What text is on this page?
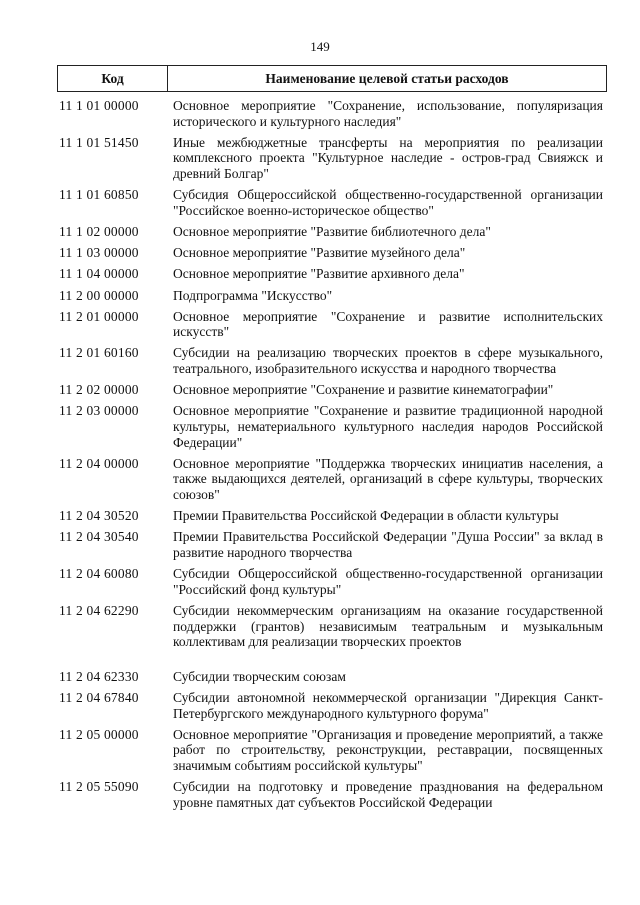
149
Код	Наименование целевой статьи расходов
11 1 01 00000	Основное мероприятие "Сохранение, использование, популяризация исторического и культурного наследия"
11 1 01 51450	Иные межбюджетные трансферты на мероприятия по реализации комплексного проекта "Культурное наследие - остров-град Свияжск и древний Болгар"
11 1 01 60850	Субсидия Общероссийской общественно-государственной организации "Российское военно-историческое общество"
11 1 02 00000	Основное мероприятие "Развитие библиотечного дела"
11 1 03 00000	Основное мероприятие "Развитие музейного дела"
11 1 04 00000	Основное мероприятие "Развитие архивного дела"
11 2 00 00000	Подпрограмма "Искусство"
11 2 01 00000	Основное мероприятие "Сохранение и развитие исполнительских искусств"
11 2 01 60160	Субсидии на реализацию творческих проектов в сфере музыкального, театрального, изобразительного искусства и народного творчества
11 2 02 00000	Основное мероприятие "Сохранение и развитие кинематографии"
11 2 03 00000	Основное мероприятие "Сохранение и развитие традиционной народной культуры, нематериального культурного наследия народов Российской Федерации"
11 2 04 00000	Основное мероприятие "Поддержка творческих инициатив населения, а также выдающихся деятелей, организаций в сфере культуры, творческих союзов"
11 2 04 30520	Премии Правительства Российской Федерации в области культуры
11 2 04 30540	Премии Правительства Российской Федерации "Душа России" за вклад в развитие народного творчества
11 2 04 60080	Субсидии Общероссийской общественно-государственной организации "Российский фонд культуры"
11 2 04 62290	Субсидии некоммерческим организациям на оказание государственной поддержки (грантов) независимым театральным и музыкальным коллективам для реализации творческих проектов
11 2 04 62330	Субсидии творческим союзам
11 2 04 67840	Субсидии автономной некоммерческой организации "Дирекция Санкт-Петербургского международного культурного форума"
11 2 05 00000	Основное мероприятие "Организация и проведение мероприятий, а также работ по строительству, реконструкции, реставрации, посвященных значимым событиям российской культуры"
11 2 05 55090	Субсидии на подготовку и проведение празднования на федеральном уровне памятных дат субъектов Российской Федерации
